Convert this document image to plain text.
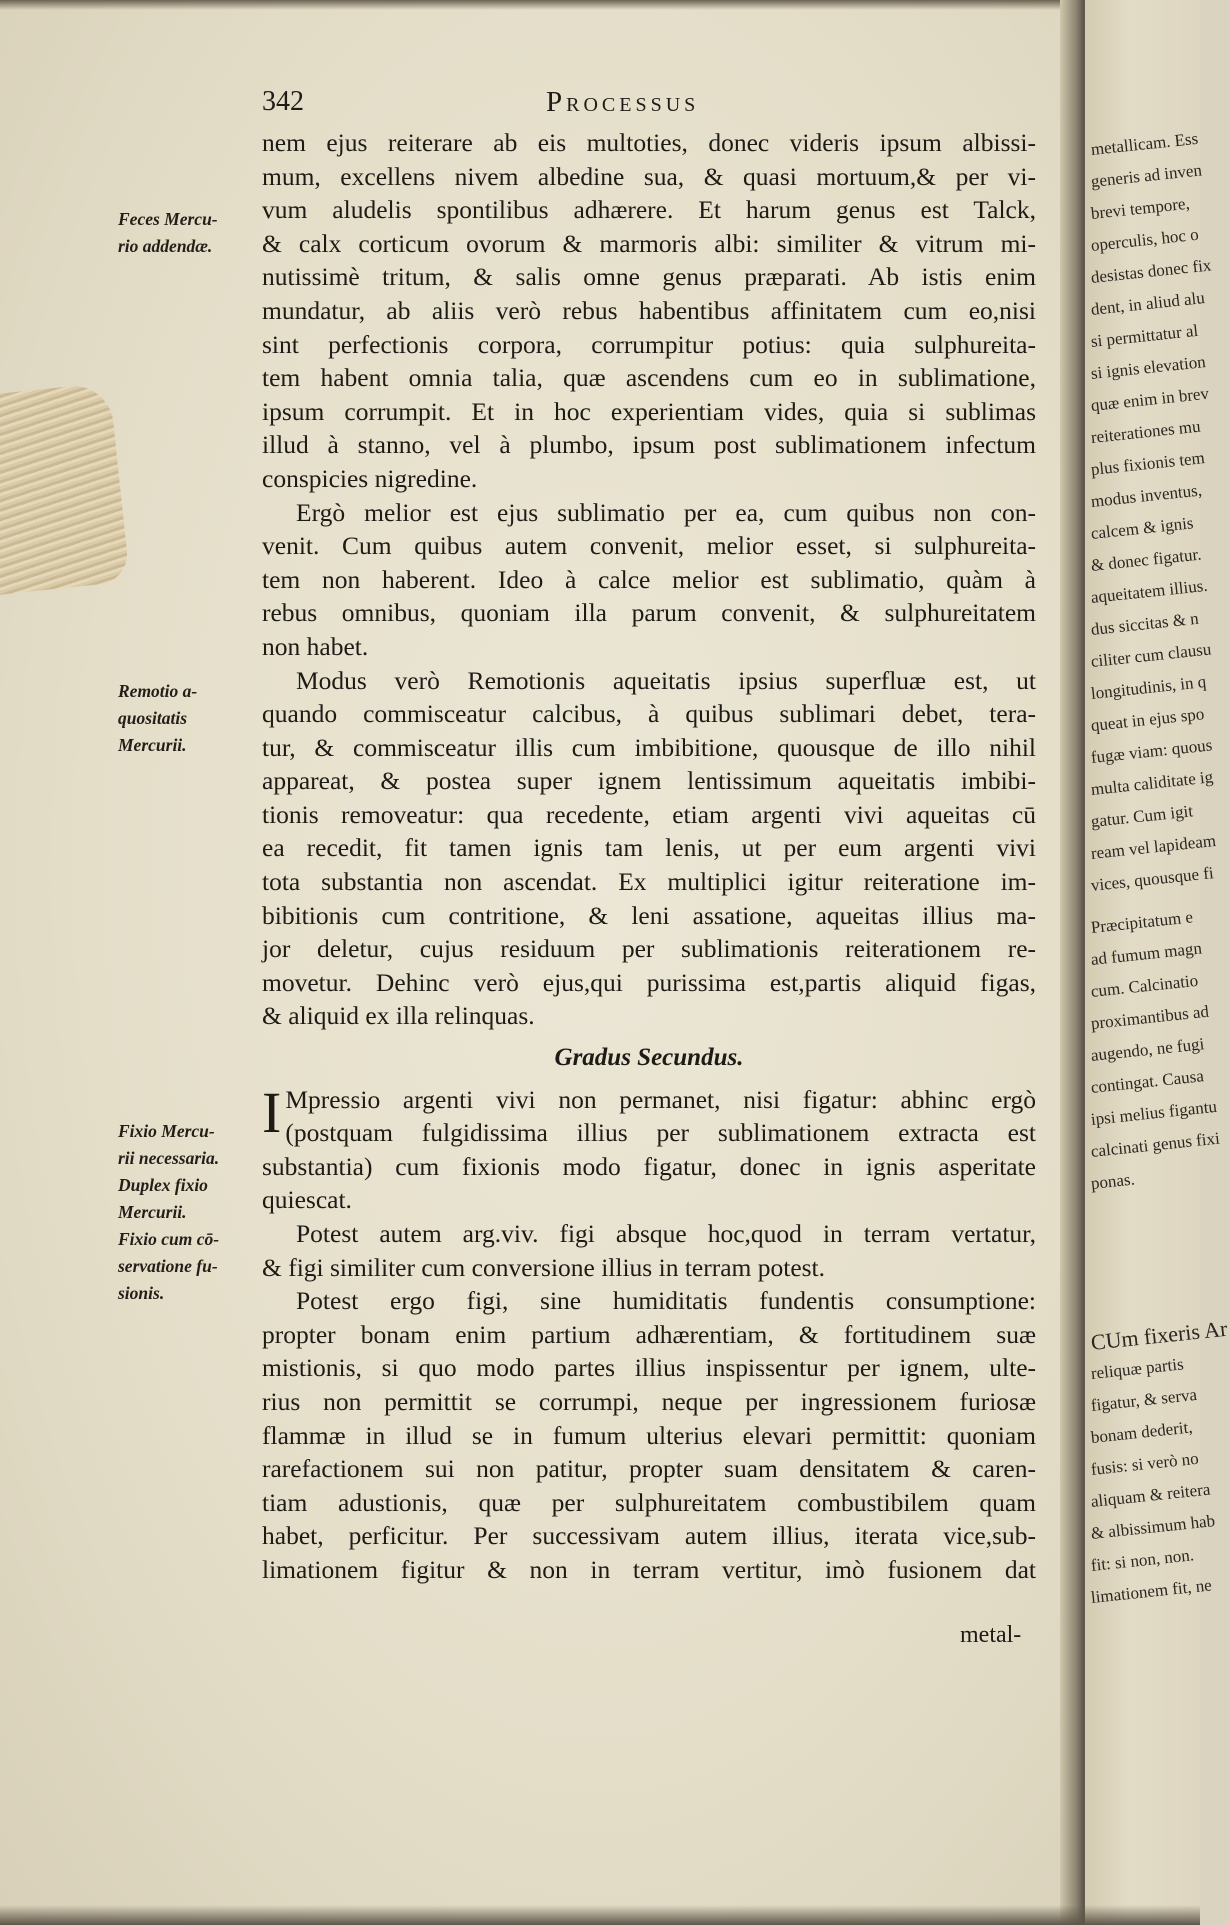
342	Processus
Feces Mercu-
rio addendæ.
Remotio a-
quositatis
Mercurii.
Fixio Mercu-
rii necessaria.
Duplex fixio
Mercurii.
Fixio cum cō-
servatione fu-
sionis.
nem ejus reiterare ab eis multoties, donec videris ipsum albissi-
mum, excellens nivem albedine sua, & quasi mortuum,& per vi-
vum aludelis spontilibus adhærere. Et harum genus est Talck,
& calx corticum ovorum & marmoris albi: similiter & vitrum mi-
nutissimè tritum, & salis omne genus præparati. Ab istis enim
mundatur, ab aliis verò rebus habentibus affinitatem cum eo,nisi
sint perfectionis corpora, corrumpitur potius: quia sulphureita-
tem habent omnia talia, quæ ascendens cum eo in sublimatione,
ipsum corrumpit. Et in hoc experientiam vides, quia si sublimas
illud à stanno, vel à plumbo, ipsum post sublimationem infectum
conspicies nigredine.
Ergò melior est ejus sublimatio per ea, cum quibus non con-
venit. Cum quibus autem convenit, melior esset, si sulphureita-
tem non haberent. Ideo à calce melior est sublimatio, quàm à
rebus omnibus, quoniam illa parum convenit, & sulphureitatem
non habet.
Modus verò Remotionis aqueitatis ipsius superfluæ est, ut
quando commisceatur calcibus, à quibus sublimari debet, tera-
tur, & commisceatur illis cum imbibitione, quousque de illo nihil
appareat, & postea super ignem lentissimum aqueitatis imbibi-
tionis removeatur: qua recedente, etiam argenti vivi aqueitas cū
ea recedit, fit tamen ignis tam lenis, ut per eum argenti vivi
tota substantia non ascendat. Ex multiplici igitur reiteratione im-
bibitionis cum contritione, & leni assatione, aqueitas illius ma-
jor deletur, cujus residuum per sublimationis reiterationem re-
movetur. Dehinc verò ejus,qui purissima est,partis aliquid figas,
& aliquid ex illa relinquas.
Gradus Secundus.
I Mpressio argenti vivi non permanet, nisi figatur: abhinc ergò
(postquam fulgidissima illius per sublimationem extracta est
substantia) cum fixionis modo figatur, donec in ignis asperitate
quiescat.
Potest autem arg.viv. figi absque hoc,quod in terram vertatur,
& figi similiter cum conversione illius in terram potest.
Potest ergo figi, sine humiditatis fundentis consumptione:
propter bonam enim partium adhærentiam, & fortitudinem suæ
mistionis, si quo modo partes illius inspissentur per ignem, ulte-
rius non permittit se corrumpi, neque per ingressionem furiosæ
flammæ in illud se in fumum ulterius elevari permittit: quoniam
rarefactionem sui non patitur, propter suam densitatem & caren-
tiam adustionis, quæ per sulphureitatem combustibilem quam
habet, perficitur. Per successivam autem illius, iterata vice,sub-
limationem figitur & non in terram vertitur, imò fusionem dat
metal-
metallicam. Ess
generis ad inven
brevi tempore,
operculis, hoc o
desistas donec fix
dent, in aliud alu
si permittatur al
si ignis elevation
quæ enim in brev
reiterationes mu
plus fixionis tem
modus inventus,
calcem & ignis
& donec figatur.
aqueitatem illius.
dus siccitas & n
ciliter cum clausu
longitudinis, in q
queat in ejus spo
fugæ viam: quous
multa caliditate ig
gatur. Cum igit
ream vel lapideam
vices, quousque fi
Præcipitatum e
ad fumum magn
cum. Calcinatio
proximantibus ad
augendo, ne fugi
contingat. Causa
ipsi melius figantu
calcinati genus fixi
ponas.
CUm fixeris Ar
reliquæ partis
figatur, & serva
bonam dederit,
fusis: si verò no
aliquam & reitera
& albissimum hab
fit: si non, non.
limationem fit, ne
